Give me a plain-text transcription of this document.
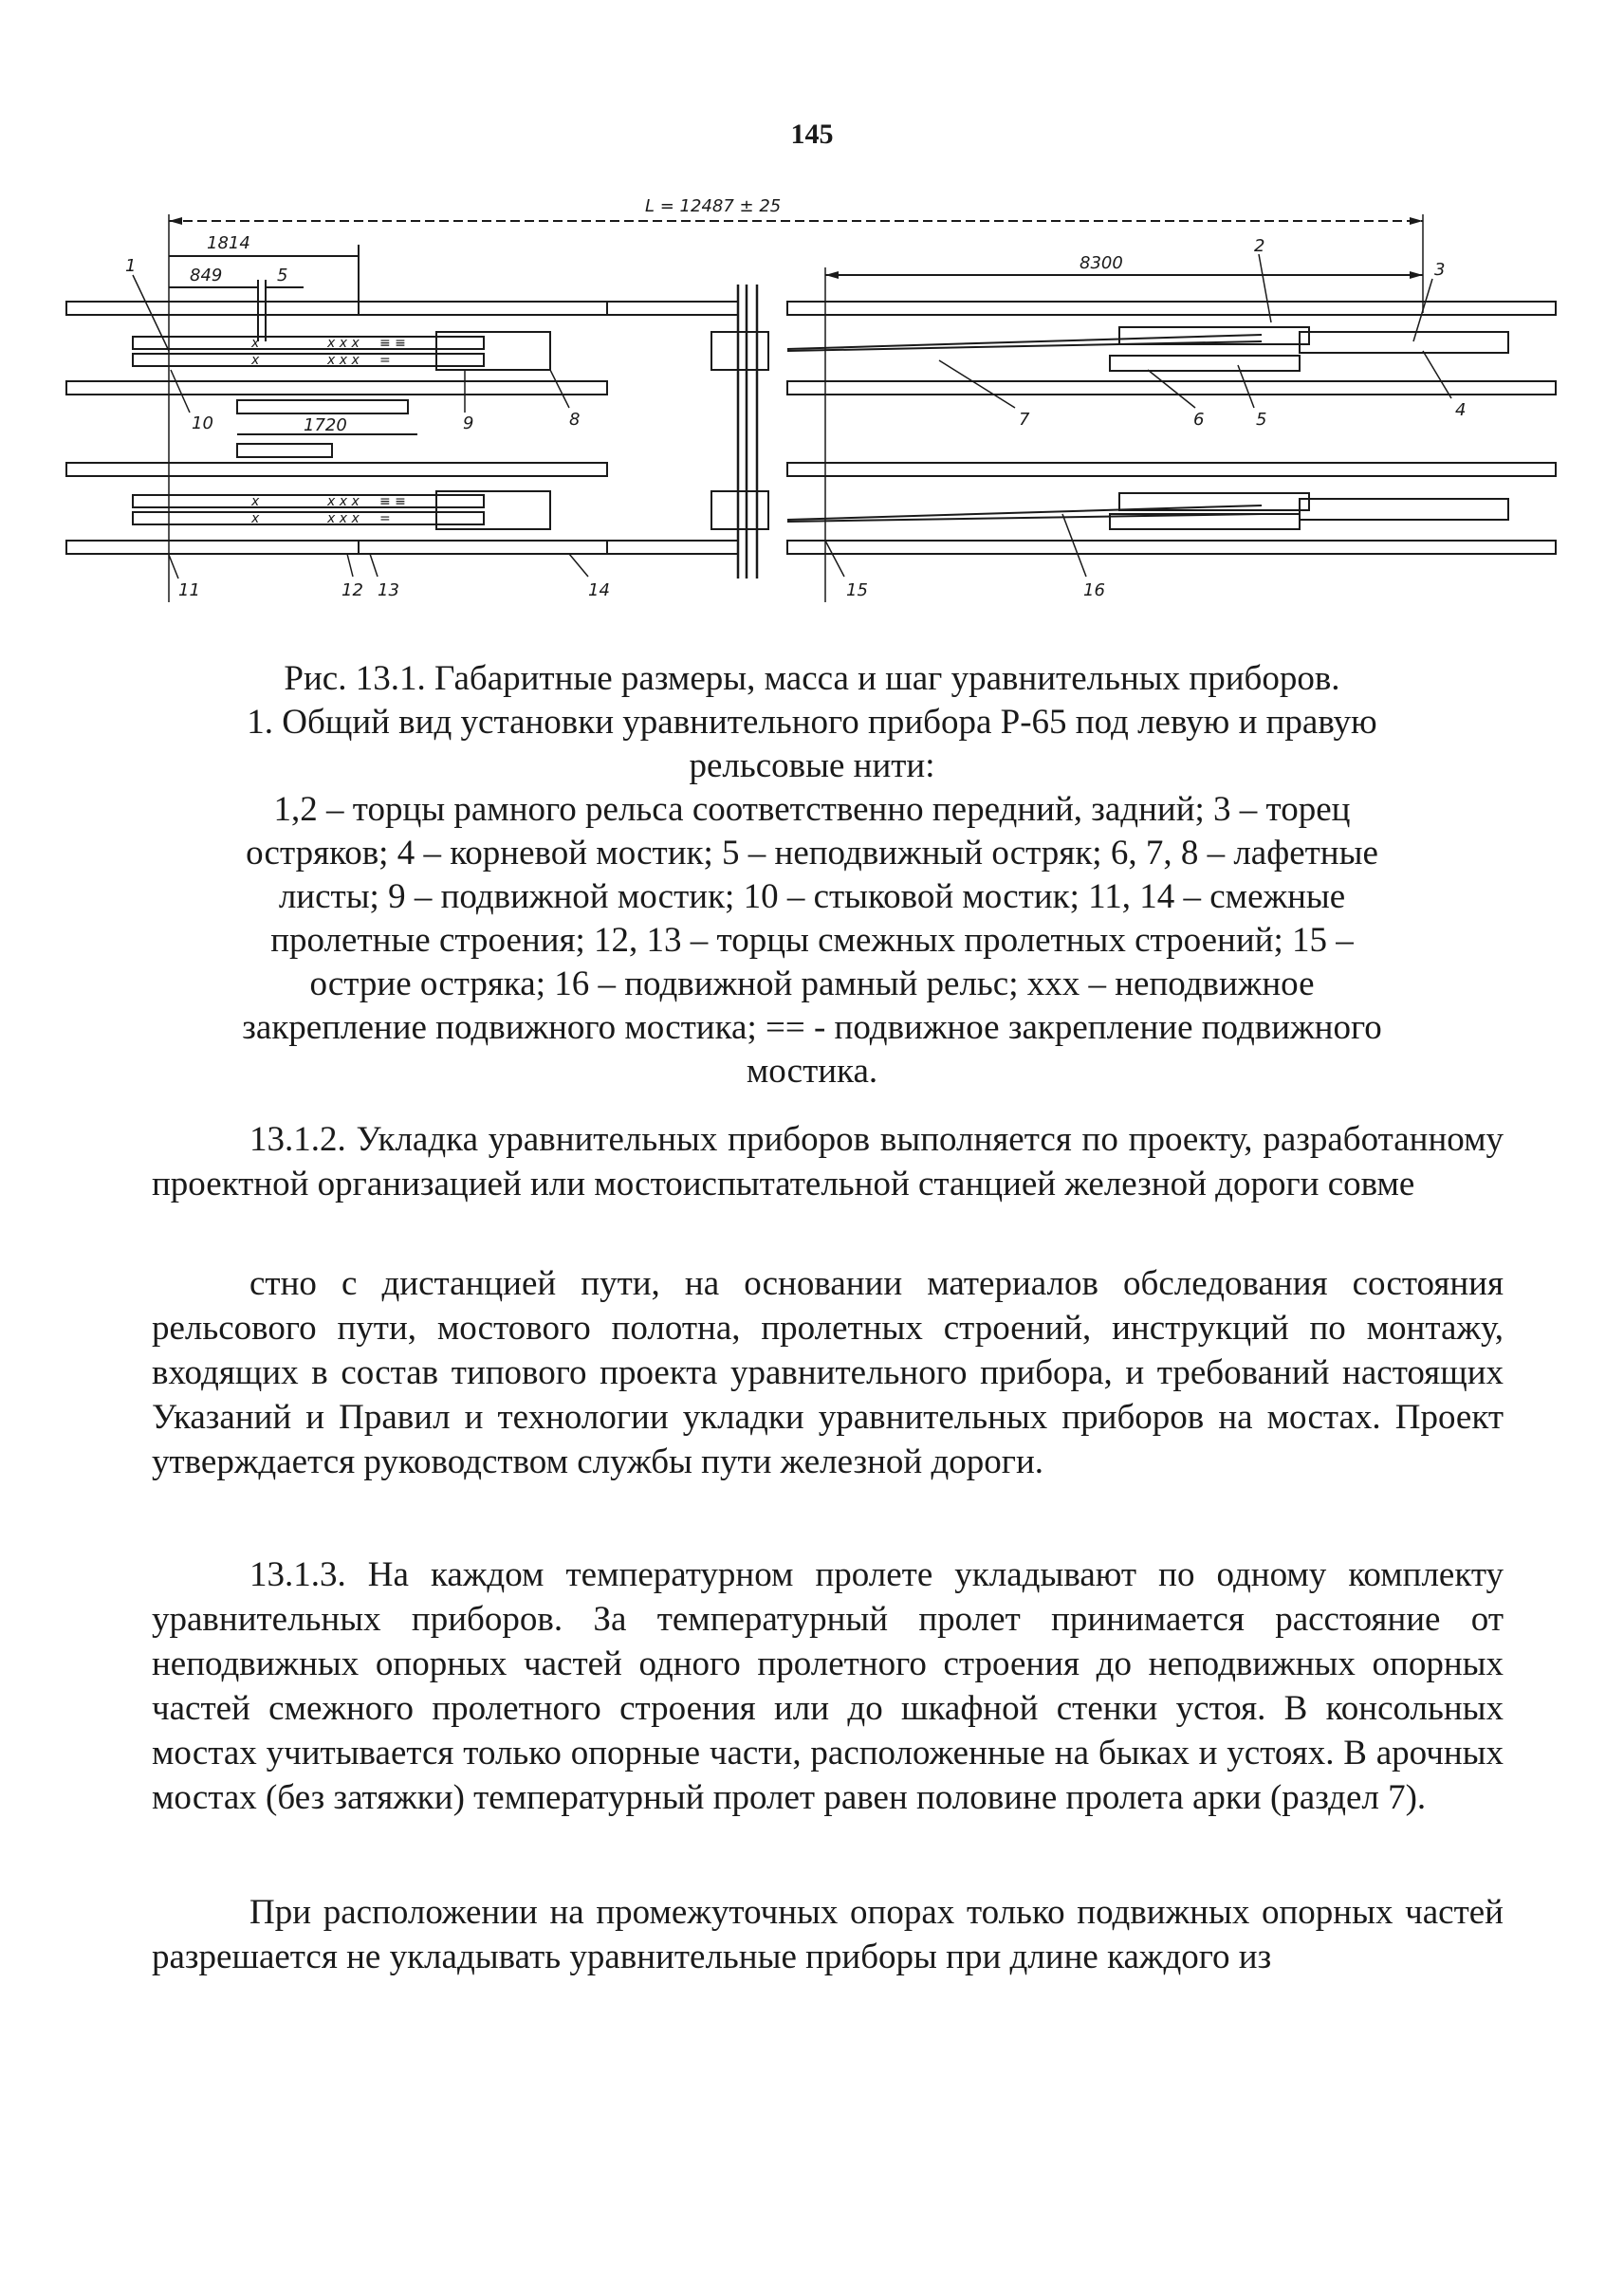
145
x	x x x ≡ ≡
x	x x x =
x	x x x ≡ ≡
x	x x x =
L = 12487 ± 25
1814
849	5
8300
1720
1
2
3
4
5
6
7
8
9
10
11	12 13	14	15	16

Рис. 13.1. Габаритные размеры, масса и шаг уравнительных приборов.

1. Общий вид установки уравнительного прибора Р-65 под левую и правую рельсовые нити:

1,2 – торцы рамного рельса соответственно передний, задний; 3 – торец остряков; 4 – корневой мостик; 5 – неподвижный остряк; 6, 7, 8 – лафетные листы; 9 – подвижной мостик; 10 – стыковой мостик; 11, 14 – смежные пролетные строения; 12, 13 – торцы смежных пролетных строений; 15 – острие остряка; 16 – подвижной рамный рельс; ххх – неподвижное закрепление подвижного мостика; == - подвижное закрепление подвижного мостика.

13.1.2. Укладка уравнительных приборов выполняется по проекту, разработанному проектной организацией или мостоиспытательной станцией железной дороги совме

стно с дистанцией пути, на основании материалов обследования состояния рельсового пути, мостового полотна, пролетных строений, инструкций по монтажу, входящих в состав типового проекта уравнительного прибора, и требований настоящих Указаний и Правил и технологии укладки уравнительных приборов на мостах. Проект утверждается руководством службы пути железной дороги.

13.1.3. На каждом температурном пролете укладывают по одному комплекту уравнительных приборов. За температурный пролет принимается расстояние от неподвижных опорных частей одного пролетного строения до неподвижных опорных частей смежного пролетного строения или до шкафной стенки устоя. В консольных мостах учитывается только опорные части, расположенные на быках и устоях. В арочных мостах (без затяжки) температурный пролет равен половине пролета арки (раздел 7).

При расположении на промежуточных опорах только подвижных опорных частей разрешается не укладывать уравнительные приборы при длине каждого из
